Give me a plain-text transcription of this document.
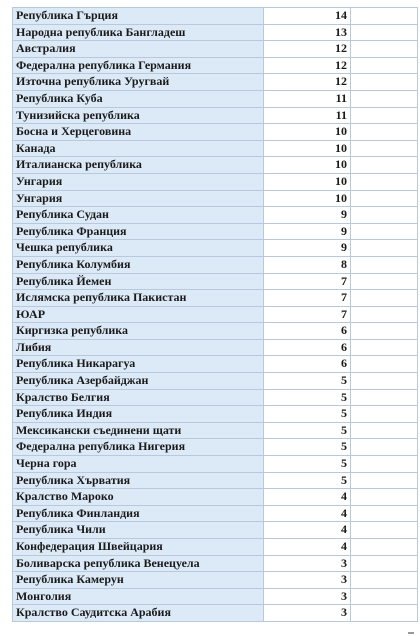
Република Гърция	14	
Народна република Бангладеш	13	
Австралия	12	
Федерална република Германия	12	
Източна република Уругвай	12	
Република Куба	11	
Тунизийска република	11	
Босна и Херцеговина	10	
Канада	10	
Италианска република	10	
Унгария	10	
Унгария	10	
Република Судан	9	
Република Франция	9	
Чешка република	9	
Република Колумбия	8	
Република Йемен	7	
Ислямска република Пакистан	7	
ЮАР	7	
Киргизка република	6	
Либия	6	
Република Никарагуа	6	
Република Азербайджан	5	
Кралство Белгия	5	
Република Индия	5	
Мексикански съединени щати	5	
Федерална република Нигерия	5	
Черна гора	5	
Република Хърватия	5	
Кралство Мароко	4	
Република Финландия	4	
Република Чили	4	
Конфедерация Швейцария	4	
Боливарска република Венецуела	3	
Република Камерун	3	
Монголия	3	
Кралство Саудитска Арабия	3	
